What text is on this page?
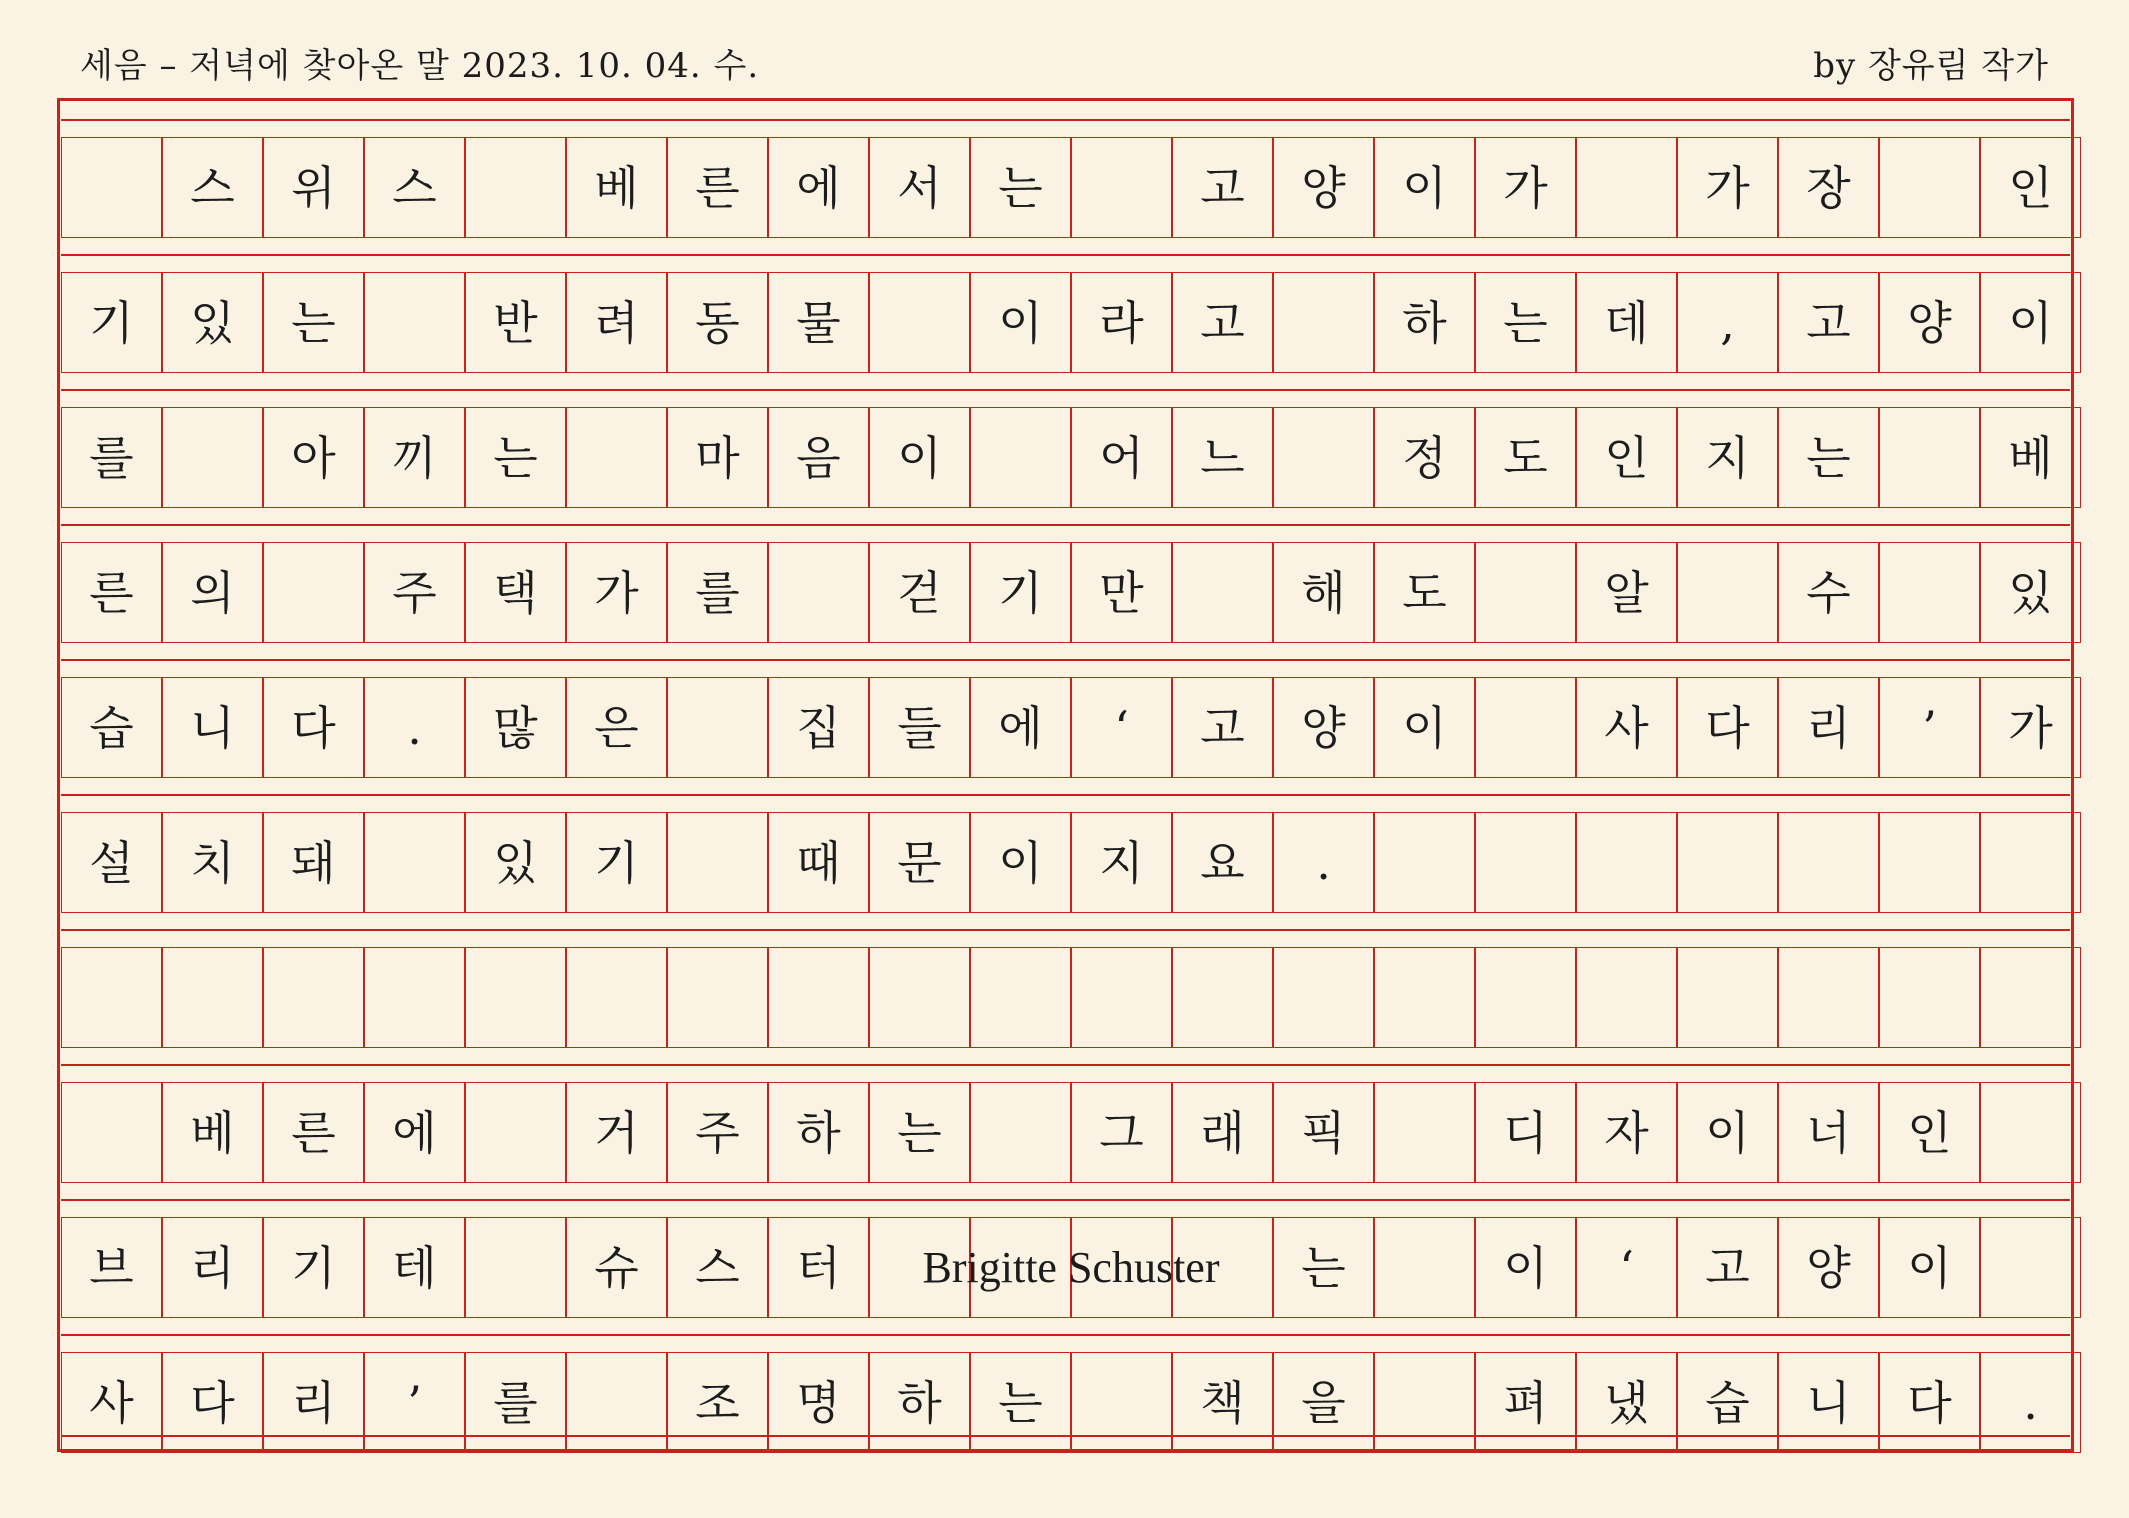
세음 – 저녁에 찾아온 말 2023. 10. 04. 수.	by 장유림 작가
스	위	스	베	른	에	서	는	고	양	이	가	가	장	인
기	있	는	반	려	동	물	이	라	고	하	는	데	,	고	양	이
를	아	끼	는	마	음	이	어	느	정	도	인	지	는	베
른	의	주	택	가	를	걷	기	만	해	도	알	수	있
습	니	다	.	많	은	집	들	에	‘	고	양	이	사	다	리	’	가
설	치	돼	있	기	때	문	이	지	요	.
베	른	에	거	주	하	는	그	래	픽	디	자	이	너	인
브	리	기	테	슈	스	터	는	이	‘	고	양	이
사	다	리	’	를	조	명	하	는	책	을	펴	냈	습	니	다	.
Brigitte Schuster
